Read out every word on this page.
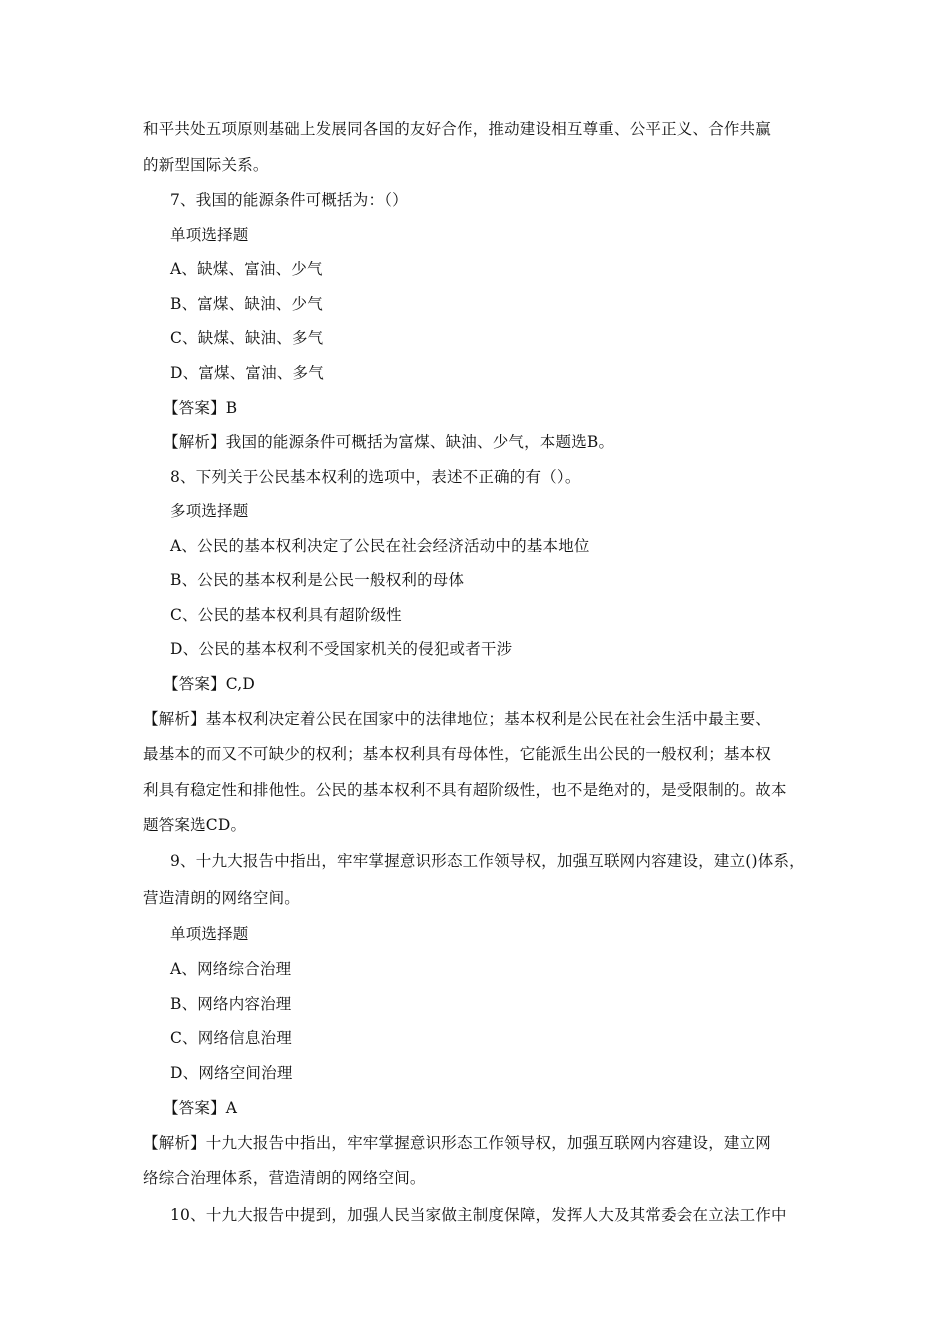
和平共处五项原则基础上发展同各国的友好合作，推动建设相互尊重、公平正义、合作共赢
的新型国际关系。
7、我国的能源条件可概括为：（）
单项选择题
A、缺煤、富油、少气
B、富煤、缺油、少气
C、缺煤、缺油、多气
D、富煤、富油、多气
【答案】B
【解析】我国的能源条件可概括为富煤、缺油、少气，本题选B。
8、下列关于公民基本权利的选项中，表述不正确的有（）。
多项选择题
A、公民的基本权利决定了公民在社会经济活动中的基本地位
B、公民的基本权利是公民一般权利的母体
C、公民的基本权利具有超阶级性
D、公民的基本权利不受国家机关的侵犯或者干涉
【答案】C,D
【解析】基本权利决定着公民在国家中的法律地位；基本权利是公民在社会生活中最主要、
最基本的而又不可缺少的权利；基本权利具有母体性，它能派生出公民的一般权利；基本权
利具有稳定性和排他性。公民的基本权利不具有超阶级性，也不是绝对的，是受限制的。故本
题答案选CD。
9、十九大报告中指出，牢牢掌握意识形态工作领导权，加强互联网内容建设，建立()体系，
营造清朗的网络空间。
单项选择题
A、网络综合治理
B、网络内容治理
C、网络信息治理
D、网络空间治理
【答案】A
【解析】十九大报告中指出，牢牢掌握意识形态工作领导权，加强互联网内容建设，建立网
络综合治理体系，营造清朗的网络空间。
10、十九大报告中提到，加强人民当家做主制度保障，发挥人大及其常委会在立法工作中
